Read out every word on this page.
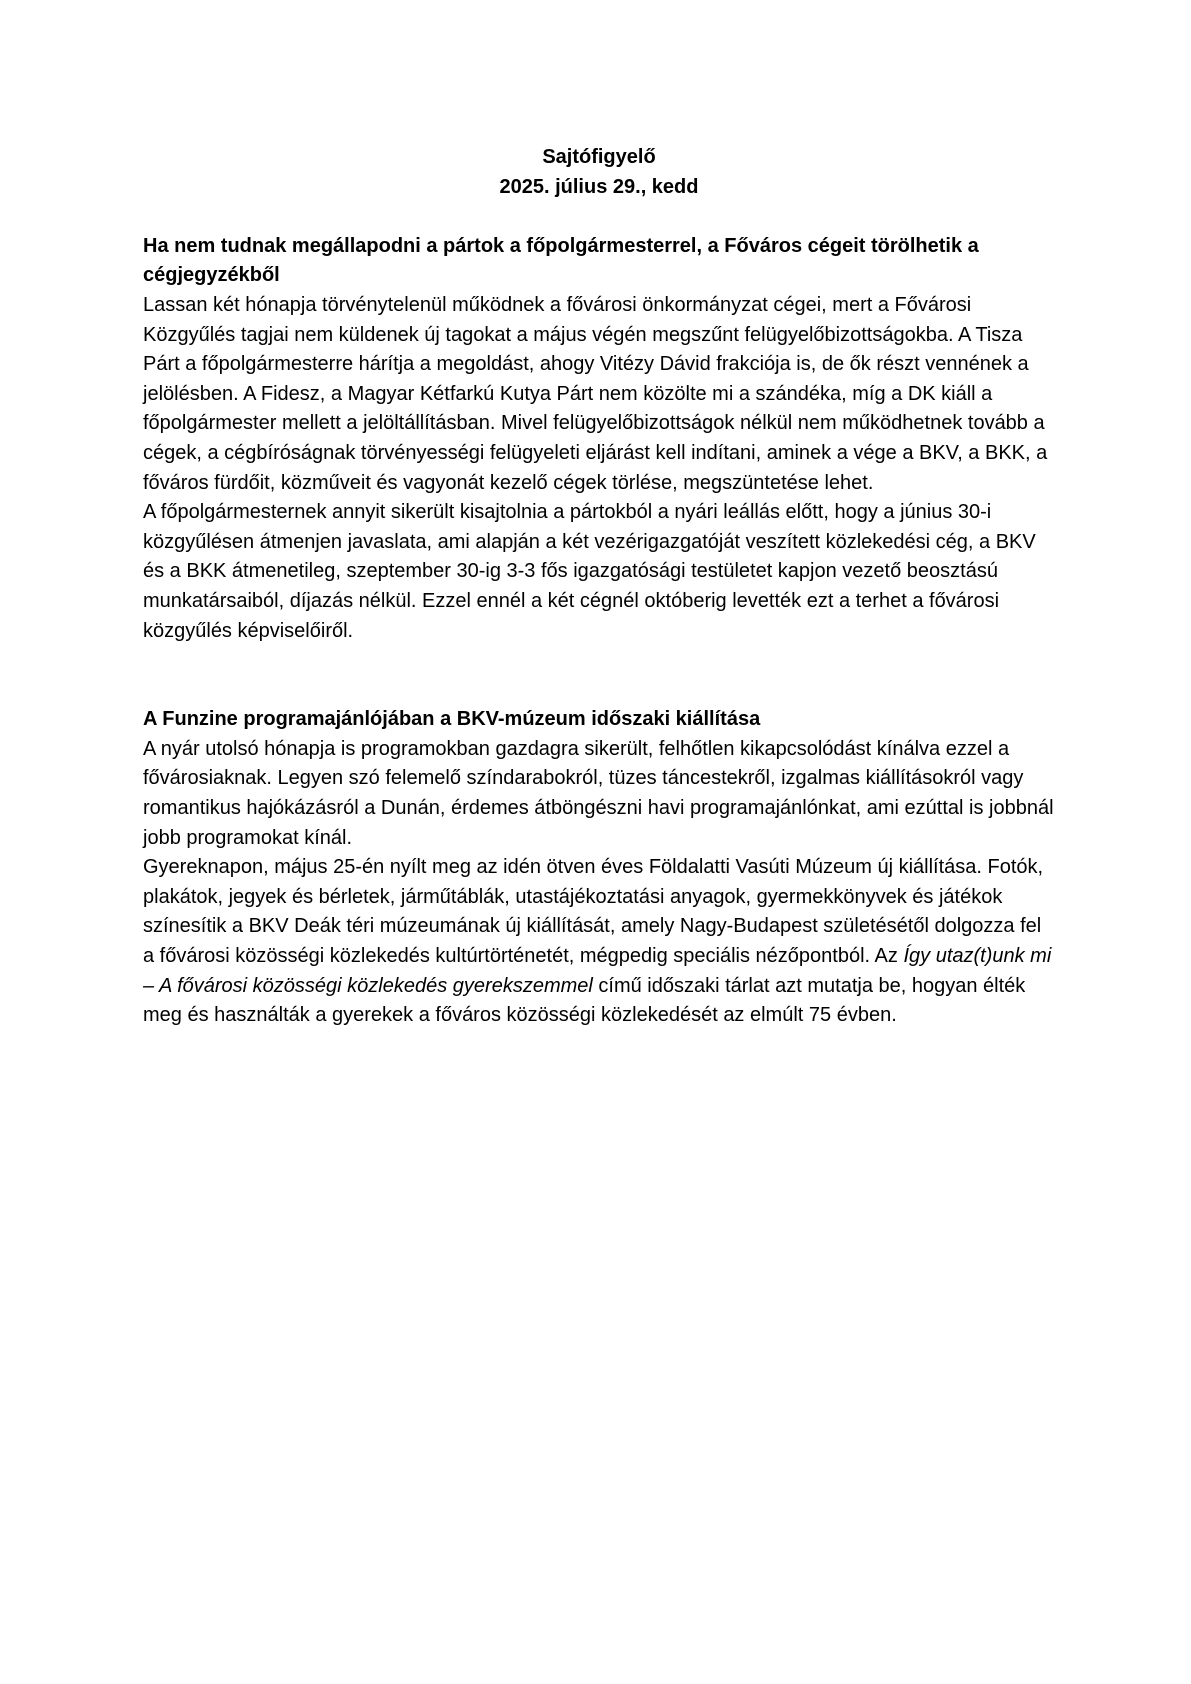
Sajtófigyelő
2025. július 29., kedd

Ha nem tudnak megállapodni a pártok a főpolgármesterrel, a Főváros cégeit törölhetik a cégjegyzékből

Lassan két hónapja törvénytelenül működnek a fővárosi önkormányzat cégei, mert a Fővárosi Közgyűlés tagjai nem küldenek új tagokat a május végén megszűnt felügyelőbizottságokba. A Tisza Párt a főpolgármesterre hárítja a megoldást, ahogy Vitézy Dávid frakciója is, de ők részt vennének a jelölésben. A Fidesz, a Magyar Kétfarkú Kutya Párt nem közölte mi a szándéka, míg a DK kiáll a főpolgármester mellett a jelöltállításban. Mivel felügyelőbizottságok nélkül nem működhetnek tovább a cégek, a cégbíróságnak törvényességi felügyeleti eljárást kell indítani, aminek a vége a BKV, a BKK, a főváros fürdőit, közműveit és vagyonát kezelő cégek törlése, megszüntetése lehet.

A főpolgármesternek annyit sikerült kisajtolnia a pártokból a nyári leállás előtt, hogy a június 30-i közgyűlésen átmenjen javaslata, ami alapján a két vezérigazgatóját veszített közlekedési cég, a BKV és a BKK átmenetileg, szeptember 30-ig 3-3 fős igazgatósági testületet kapjon vezető beosztású munkatársaiból, díjazás nélkül. Ezzel ennél a két cégnél októberig levették ezt a terhet a fővárosi közgyűlés képviselőiről.

A Funzine programajánlójában a BKV-múzeum időszaki kiállítása

A nyár utolsó hónapja is programokban gazdagra sikerült, felhőtlen kikapcsolódást kínálva ezzel a fővárosiaknak. Legyen szó felemelő színdarabokról, tüzes táncestekről, izgalmas kiállításokról vagy romantikus hajókázásról a Dunán, érdemes átböngészni havi programajánlónkat, ami ezúttal is jobbnál jobb programokat kínál.

Gyereknapon, május 25-én nyílt meg az idén ötven éves Földalatti Vasúti Múzeum új kiállítása. Fotók, plakátok, jegyek és bérletek, járműtáblák, utastájékoztatási anyagok, gyermekkönyvek és játékok színesítik a BKV Deák téri múzeumának új kiállítását, amely Nagy-Budapest születésétől dolgozza fel a fővárosi közösségi közlekedés kultúrtörténetét, mégpedig speciális nézőpontból. Az Így utaz(t)unk mi – A fővárosi közösségi közlekedés gyerekszemmel című időszaki tárlat azt mutatja be, hogyan élték meg és használták a gyerekek a főváros közösségi közlekedését az elmúlt 75 évben.
